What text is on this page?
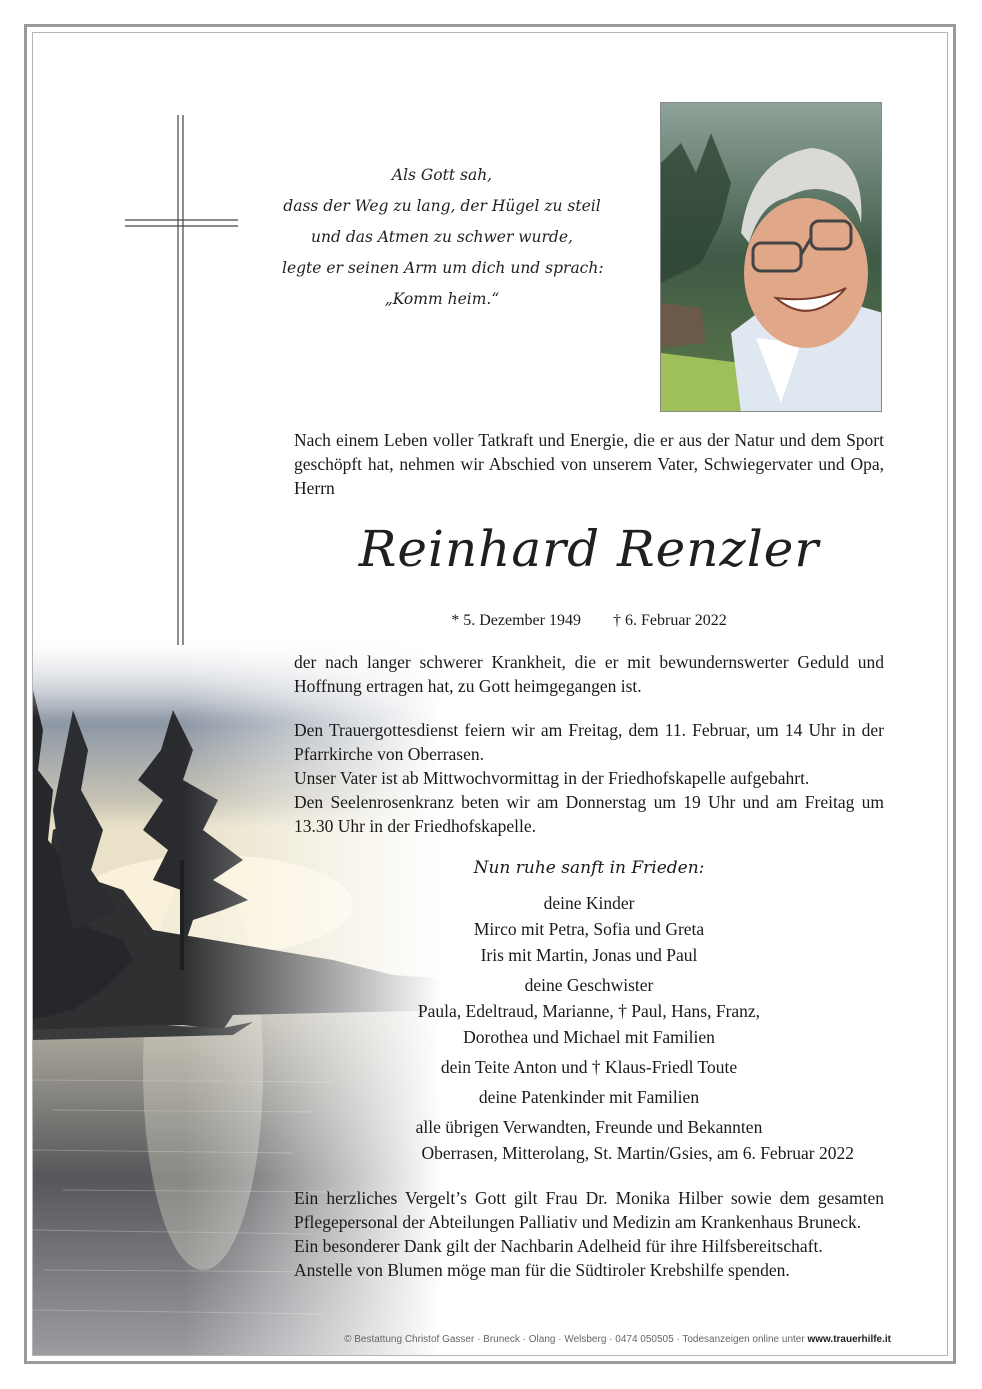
Als Gott sah,
dass der Weg zu lang, der Hügel zu steil
und das Atmen zu schwer wurde,
legte er seinen Arm um dich und sprach:
„Komm heim.“
Nach einem Leben voller Tatkraft und Energie, die er aus der Natur und dem Sport geschöpft hat, nehmen wir Abschied von unserem Vater, Schwiegervater und Opa, Herrn
Reinhard Renzler
* 5. Dezember 1949 † 6. Februar 2022
der nach langer schwerer Krankheit, die er mit bewundernswerter Geduld und Hoffnung ertragen hat, zu Gott heimgegangen ist.
Den Trauergottesdienst feiern wir am Freitag, dem 11. Februar, um 14 Uhr in der Pfarrkirche von Oberrasen.
Unser Vater ist ab Mittwochvormittag in der Friedhofskapelle aufgebahrt.
Den Seelenrosenkranz beten wir am Donnerstag um 19 Uhr und am Freitag um 13.30 Uhr in der Friedhofskapelle.
Nun ruhe sanft in Frieden:
deine Kinder
Mirco mit Petra, Sofia und Greta
Iris mit Martin, Jonas und Paul
deine Geschwister
Paula, Edeltraud, Marianne, † Paul, Hans, Franz,
Dorothea und Michael mit Familien
dein Teite Anton und † Klaus-Friedl Toute
deine Patenkinder mit Familien
alle übrigen Verwandten, Freunde und Bekannten
Oberrasen, Mitterolang, St. Martin/Gsies, am 6. Februar 2022
Ein herzliches Vergelt’s Gott gilt Frau Dr. Monika Hilber sowie dem gesamten Pflegepersonal der Abteilungen Palliativ und Medizin am Krankenhaus Bruneck.
Ein besonderer Dank gilt der Nachbarin Adelheid für ihre Hilfsbereitschaft.
Anstelle von Blumen möge man für die Südtiroler Krebshilfe spenden.
© Bestattung Christof Gasser · Bruneck · Olang · Welsberg · 0474 050505 · Todesanzeigen online unter www.trauerhilfe.it
